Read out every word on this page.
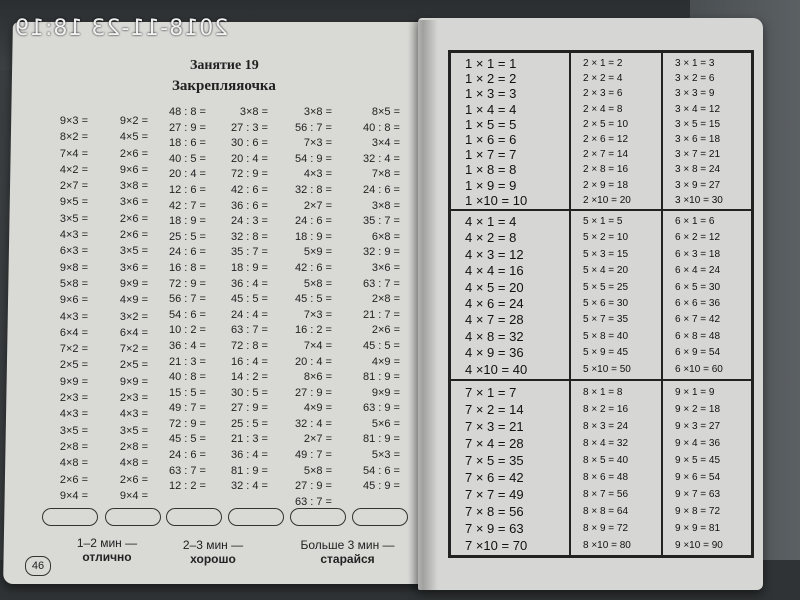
2018-11-23 18:19
Занятие 19
Закрепляяочка
9×3 =
8×2 =
7×4 =
4×2 =
2×7 =
9×5 =
3×5 =
4×3 =
6×3 =
9×8 =
5×8 =
9×6 =
4×3 =
6×4 =
7×2 =
2×5 =
9×9 =
2×3 =
4×3 =
3×5 =
2×8 =
4×8 =
2×6 =
9×4 =
9×2 =
4×5 =
2×6 =
9×6 =
3×8 =
3×6 =
2×6 =
2×6 =
3×5 =
3×6 =
9×9 =
4×9 =
3×2 =
6×4 =
7×2 =
2×5 =
9×9 =
2×3 =
4×3 =
3×5 =
2×8 =
4×8 =
2×6 =
9×4 =
48 : 8 =
27 : 9 =
18 : 6 =
40 : 5 =
20 : 4 =
12 : 6 =
42 : 7 =
18 : 9 =
25 : 5 =
24 : 6 =
16 : 8 =
72 : 9 =
56 : 7 =
54 : 6 =
10 : 2 =
36 : 4 =
21 : 3 =
40 : 8 =
15 : 5 =
49 : 7 =
72 : 9 =
45 : 5 =
24 : 6 =
63 : 7 =
12 : 2 =
3×8 =
27 : 3 =
30 : 6 =
20 : 4 =
72 : 9 =
42 : 6 =
36 : 6 =
24 : 3 =
32 : 8 =
35 : 7 =
18 : 9 =
36 : 4 =
45 : 5 =
24 : 4 =
63 : 7 =
72 : 8 =
16 : 4 =
14 : 2 =
30 : 5 =
27 : 9 =
25 : 5 =
21 : 3 =
36 : 4 =
81 : 9 =
32 : 4 =
3×8 =
56 : 7 =
7×3 =
54 : 9 =
4×3 =
32 : 8 =
2×7 =
24 : 6 =
18 : 9 =
5×9 =
42 : 6 =
5×8 =
45 : 5 =
7×3 =
16 : 2 =
7×4 =
20 : 4 =
8×6 =
27 : 9 =
4×9 =
32 : 4 =
2×7 =
49 : 7 =
5×8 =
27 : 9 =
63 : 7 =
8×5 =
40 : 8 =
3×4 =
32 : 4 =
7×8 =
24 : 6 =
3×8 =
35 : 7 =
6×8 =
32 : 9 =
3×6 =
63 : 7 =
2×8 =
21 : 7 =
2×6 =
45 : 5 =
4×9 =
81 : 9 =
9×9 =
63 : 9 =
5×6 =
81 : 9 =
5×3 =
54 : 6 =
45 : 9 =
1–2 мин —
отлично
2–3 мин —
хорошо
Больше 3 мин —
старайся
46
1 × 1 = 1
1 × 2 = 2
1 × 3 = 3
1 × 4 = 4
1 × 5 = 5
1 × 6 = 6
1 × 7 = 7
1 × 8 = 8
1 × 9 = 9
1 ×10 = 10
2 × 1 = 2
2 × 2 = 4
2 × 3 = 6
2 × 4 = 8
2 × 5 = 10
2 × 6 = 12
2 × 7 = 14
2 × 8 = 16
2 × 9 = 18
2 ×10 = 20
3 × 1 = 3
3 × 2 = 6
3 × 3 = 9
3 × 4 = 12
3 × 5 = 15
3 × 6 = 18
3 × 7 = 21
3 × 8 = 24
3 × 9 = 27
3 ×10 = 30
4 × 1 = 4
4 × 2 = 8
4 × 3 = 12
4 × 4 = 16
4 × 5 = 20
4 × 6 = 24
4 × 7 = 28
4 × 8 = 32
4 × 9 = 36
4 ×10 = 40
5 × 1 = 5
5 × 2 = 10
5 × 3 = 15
5 × 4 = 20
5 × 5 = 25
5 × 6 = 30
5 × 7 = 35
5 × 8 = 40
5 × 9 = 45
5 ×10 = 50
6 × 1 = 6
6 × 2 = 12
6 × 3 = 18
6 × 4 = 24
6 × 5 = 30
6 × 6 = 36
6 × 7 = 42
6 × 8 = 48
6 × 9 = 54
6 ×10 = 60
7 × 1 = 7
7 × 2 = 14
7 × 3 = 21
7 × 4 = 28
7 × 5 = 35
7 × 6 = 42
7 × 7 = 49
7 × 8 = 56
7 × 9 = 63
7 ×10 = 70
8 × 1 = 8
8 × 2 = 16
8 × 3 = 24
8 × 4 = 32
8 × 5 = 40
8 × 6 = 48
8 × 7 = 56
8 × 8 = 64
8 × 9 = 72
8 ×10 = 80
9 × 1 = 9
9 × 2 = 18
9 × 3 = 27
9 × 4 = 36
9 × 5 = 45
9 × 6 = 54
9 × 7 = 63
9 × 8 = 72
9 × 9 = 81
9 ×10 = 90
